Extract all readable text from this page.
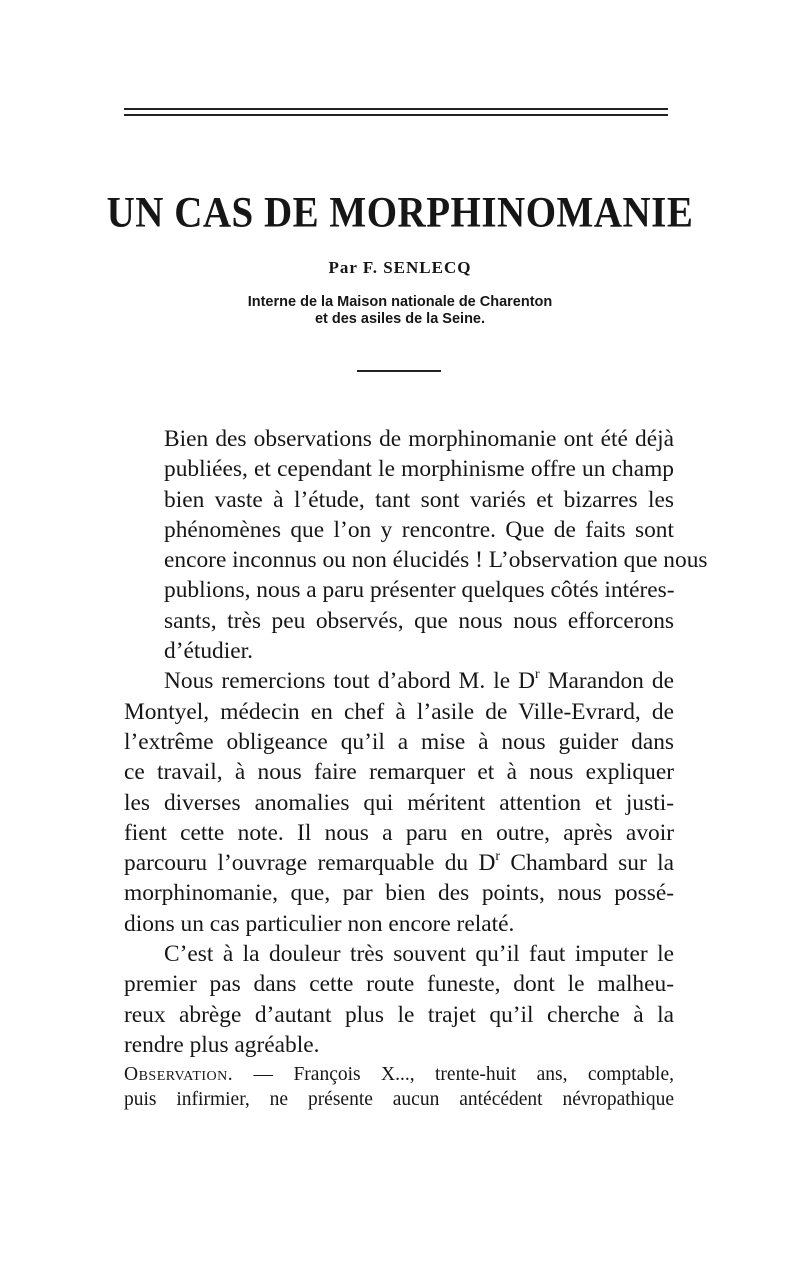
UN CAS DE MORPHINOMANIE
Par F. SENLECQ
Interne de la Maison nationale de Charenton
et des asiles de la Seine.

Bien des observations de morphinomanie ont été déjà
publiées, et cependant le morphinisme offre un champ
bien vaste à l’étude, tant sont variés et bizarres les
phénomènes que l’on y rencontre. Que de faits sont
encore inconnus ou non élucidés ! L’observation que nous
publions, nous a paru présenter quelques côtés intéres-
sants, très peu observés, que nous nous efforcerons
d’étudier.

Nous remercions tout d’abord M. le $D^r$ Marandon de
Montyel, médecin en chef à l’asile de Ville-Evrard, de
l’extrême obligeance qu’il a mise à nous guider dans
ce travail, à nous faire remarquer et à nous expliquer
les diverses anomalies qui méritent attention et justi-
fient cette note. Il nous a paru en outre, après avoir
parcouru l’ouvrage remarquable du $D^r$ Chambard sur la
morphinomanie, que, par bien des points, nous possé-
dions un cas particulier non encore relaté.

C’est à la douleur très souvent qu’il faut imputer le
premier pas dans cette route funeste, dont le malheu-
reux abrège d’autant plus le trajet qu’il cherche à la
rendre plus agréable.

Observation. — François X..., trente-huit ans, comptable,
puis infirmier, ne présente aucun antécédent névropathique
